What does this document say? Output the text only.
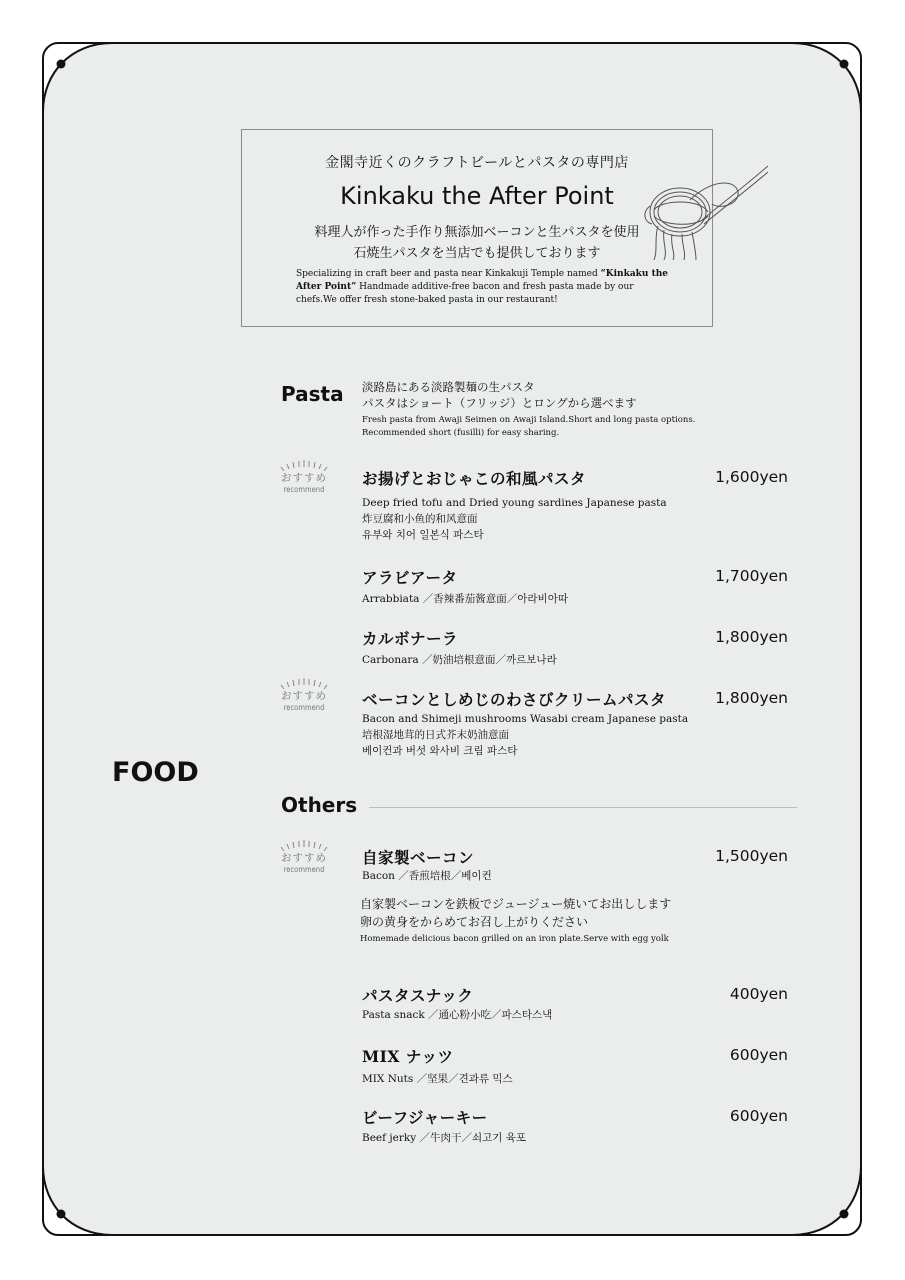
金閣寺近くのクラフトビールとパスタの専門店
Kinkaku the After Point
料理人が作った手作り無添加ベーコンと生パスタを使用
石焼生パスタを当店でも提供しております
Specializing in craft beer and pasta near Kinkakuji Temple named “Kinkaku the After Point” Handmade additive-free bacon and fresh pasta made by our chefs.We offer fresh stone-baked pasta in our restaurant!
FOOD
Pasta 淡路島にある淡路製麺の生パスタ
パスタはショート（フリッジ）とロングから選べます
Fresh pasta from Awaji Seimen on Awaji Island.Short and long pasta options.
Recommended short (fusilli) for easy sharing.
おすすめ
recommend
お揚げとおじゃこの和風パスタ	1,600yen
Deep fried tofu and Dried young sardines Japanese pasta
炸豆腐和小鱼的和风意面
유부와 치어 일본식 파스타
アラビアータ	1,700yen
Arrabbiata ／香辣番茄酱意面／아라비아따
カルボナーラ	1,800yen
Carbonara ／奶油培根意面／까르보나라
おすすめ
recommend	ベーコンとしめじのわさびクリームパスタ	1,800yen
Bacon and Shimeji mushrooms Wasabi cream Japanese pasta
培根湿地茸的日式芥末奶油意面
베이컨과 버섯 와사비 크림 파스타
Others
おすすめ
recommend
自家製ベーコン	1,500yen
Bacon ／香煎培根／베이컨
自家製ベーコンを鉄板でジュージュー焼いてお出しします
卵の黄身をからめてお召し上がりください
Homemade delicious bacon grilled on an iron plate.Serve with egg yolk
パスタスナック	400yen
Pasta snack ／通心粉小吃／파스타스낵
MIX ナッツ	600yen
MIX Nuts ／坚果／견과류 믹스
ビーフジャーキー	600yen
Beef jerky ／牛肉干／쇠고기 육포
